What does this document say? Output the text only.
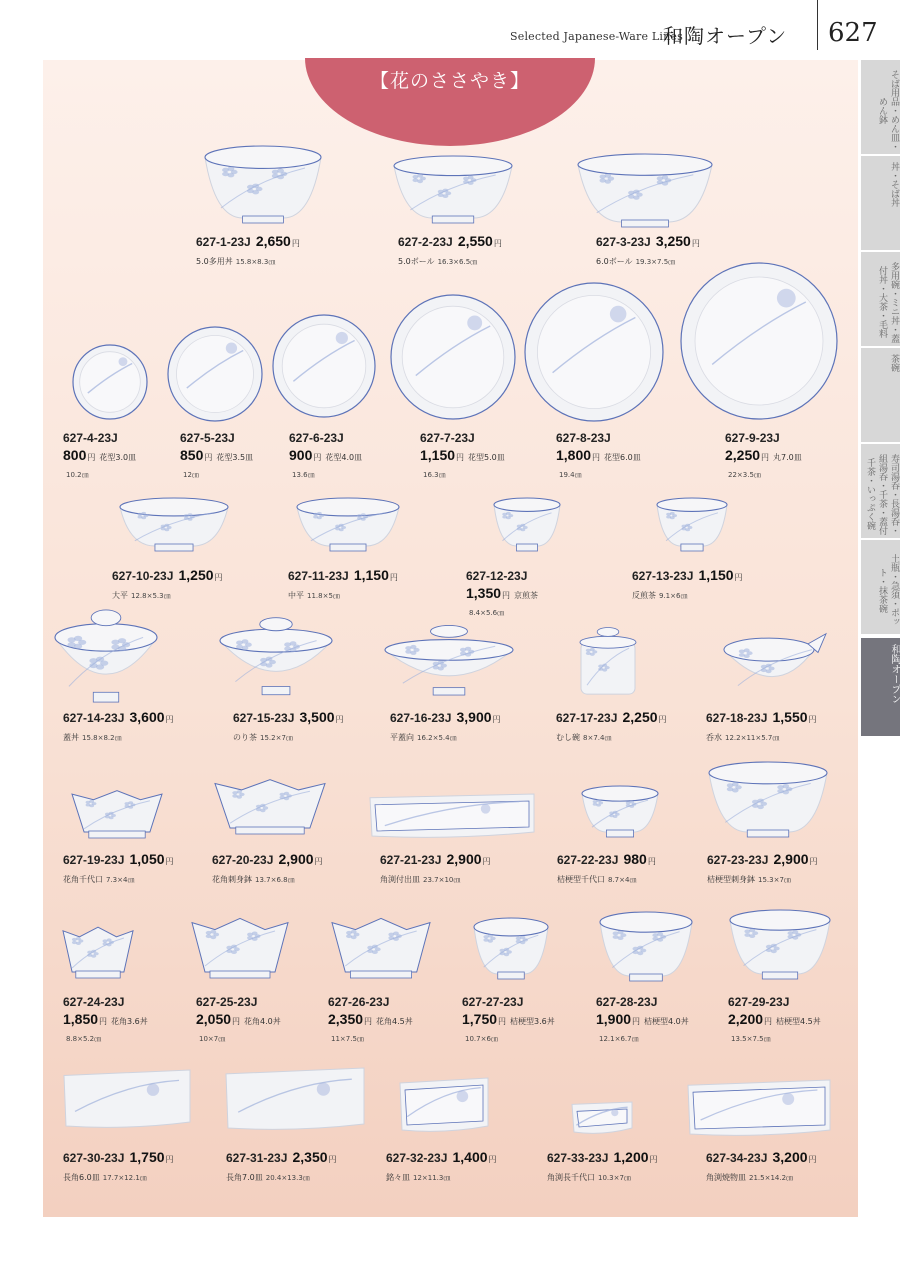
Selected Japanese-Ware Lines
和陶オープン 627
【花のささやき】	そば用品・めん皿・めん鉢
丼・そば丼
多用碗・ミニ丼・蓋付丼・大茶・毛料
茶碗
寿司湯呑・長湯呑・組湯呑・千茶・蓋付千茶・いっぷく碗
土瓶・急須・ポット・抹茶碗
和陶オープン
627-1-23J 2,650円
5.0多用丼 15.8×8.3㎝
627-2-23J 2,550円
5.0ボール 16.3×6.5㎝
627-3-23J 3,250円
6.0ボール 19.3×7.5㎝
627-4-23J
800円 花型3.0皿
10.2㎝
627-5-23J
850円 花型3.5皿
12㎝
627-6-23J
900円 花型4.0皿
13.6㎝
627-7-23J
1,150円 花型5.0皿
16.3㎝
627-8-23J
1,800円 花型6.0皿
19.4㎝
627-9-23J
2,250円 丸7.0皿
22×3.5㎝
627-10-23J 1,250円
大平 12.8×5.3㎝
627-11-23J 1,150円
中平 11.8×5㎝
627-12-23J
1,350円 京煎茶
8.4×5.6㎝
627-13-23J 1,150円
反煎茶 9.1×6㎝
627-14-23J 3,600円
蓋丼 15.8×8.2㎝
627-15-23J 3,500円
のり茶 15.2×7㎝
627-16-23J 3,900円
平蓋向 16.2×5.4㎝
627-17-23J 2,250円
むし碗 8×7.4㎝
627-18-23J 1,550円
呑水 12.2×11×5.7㎝
627-19-23J 1,050円
花角千代口 7.3×4㎝
627-20-23J 2,900円
花角刺身鉢 13.7×6.8㎝
627-21-23J 2,900円
角渕付出皿 23.7×10㎝
627-22-23J 980円
桔梗型千代口 8.7×4㎝
627-23-23J 2,900円
桔梗型刺身鉢 15.3×7㎝
627-24-23J
1,850円 花角3.6丼
8.8×5.2㎝
627-25-23J
2,050円 花角4.0丼
10×7㎝
627-26-23J
2,350円 花角4.5丼
11×7.5㎝
627-27-23J
1,750円 桔梗型3.6丼
10.7×6㎝
627-28-23J
1,900円 桔梗型4.0丼
12.1×6.7㎝
627-29-23J
2,200円 桔梗型4.5丼
13.5×7.5㎝
627-30-23J 1,750円
長角6.0皿 17.7×12.1㎝
627-31-23J 2,350円
長角7.0皿 20.4×13.3㎝
627-32-23J 1,400円
銘々皿 12×11.3㎝
627-33-23J 1,200円
角渕長千代口 10.3×7㎝
627-34-23J 3,200円
角渕焼物皿 21.5×14.2㎝
